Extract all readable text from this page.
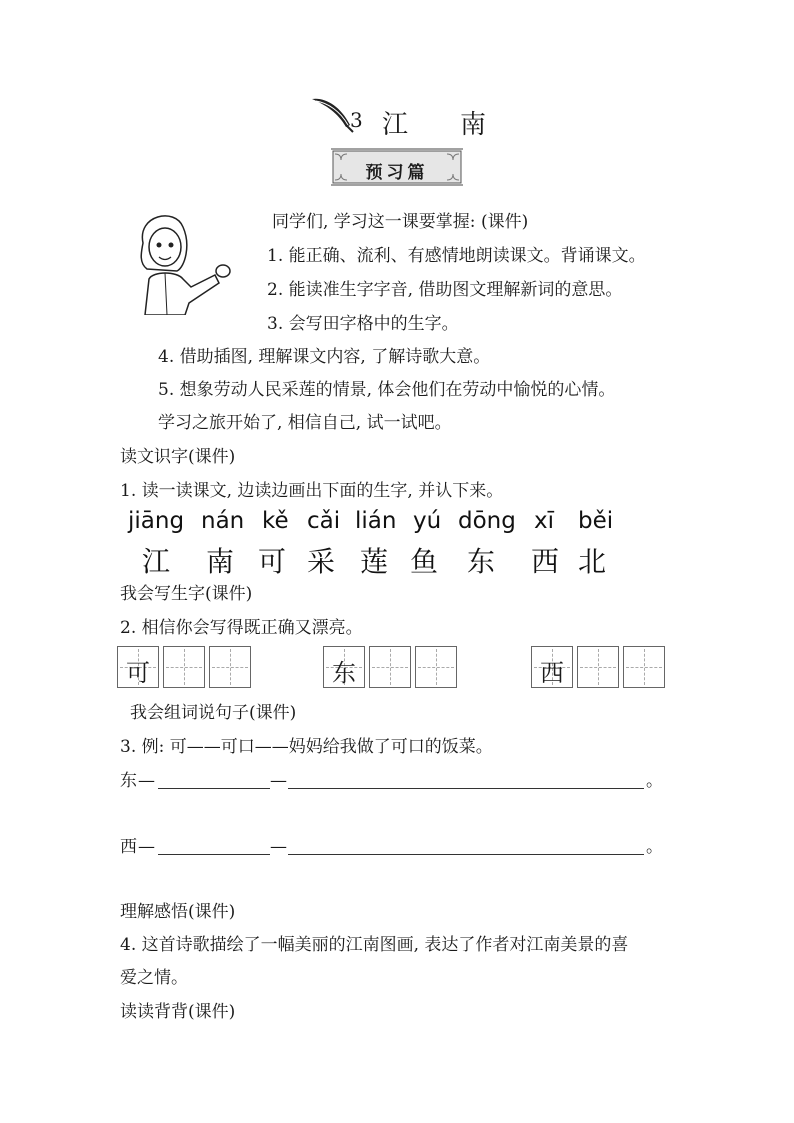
3 江 南
预习篇
同学们, 学习这一课要掌握: (课件)
1. 能正确、流利、有感情地朗读课文。背诵课文。
2. 能读准生字字音, 借助图文理解新词的意思。
3. 会写田字格中的生字。
4. 借助插图, 理解课文内容, 了解诗歌大意。
5. 想象劳动人民采莲的情景, 体会他们在劳动中愉悦的心情。
学习之旅开始了, 相信自己, 试一试吧。
读文识字(课件)
1. 读一读课文, 边读边画出下面的生字, 并认下来。
jiāng nán kě cǎi lián yú dōng xī běi
江 南 可 采 莲 鱼 东 西 北
我会写生字(课件)
2. 相信你会写得既正确又漂亮。
可	东	西
我会组词说句子(课件)
3. 例: 可——可口——妈妈给我做了可口的饭菜。
东 —	—	。
西 —	—	。
理解感悟(课件)
4. 这首诗歌描绘了一幅美丽的江南图画, 表达了作者对江南美景的喜
爱之情。
读读背背(课件)
